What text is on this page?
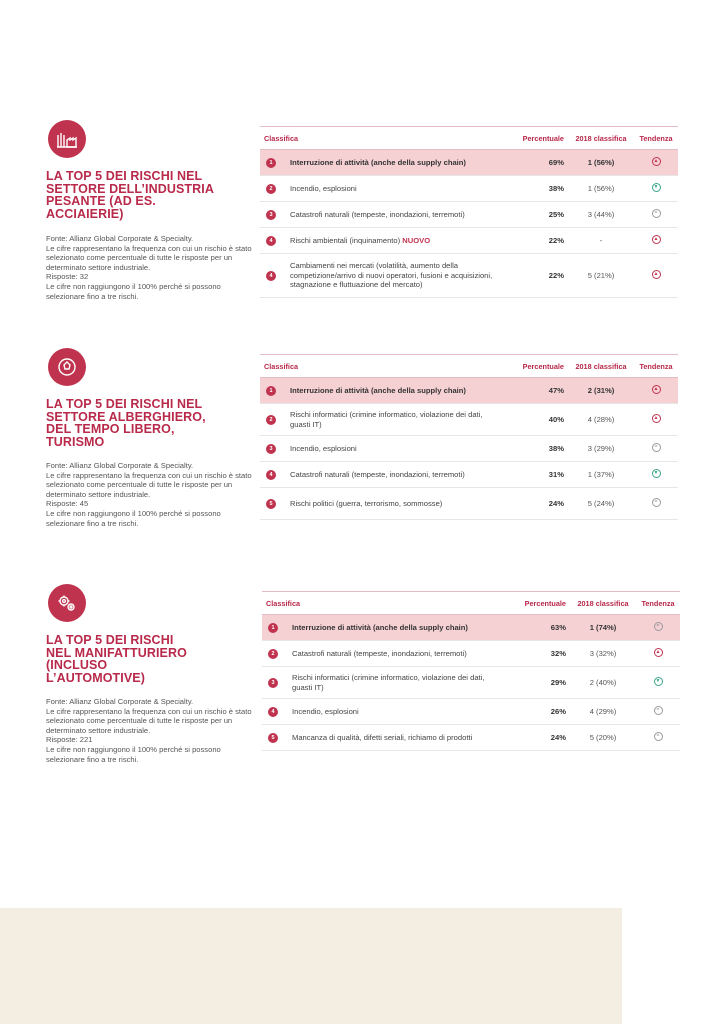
LA TOP 5 DEI RISCHI NEL
SETTORE DELL’INDUSTRIA
PESANTE (AD ES.
ACCIAIERIE)
Fonte: Allianz Global Corporate & Specialty.
Le cifre rappresentano la frequenza con cui un rischio è stato selezionato come percentuale di tutte le risposte per un determinato settore industriale.
Risposte: 32
Le cifre non raggiungono il 100% perché si possono selezionare fino a tre rischi.
Classifica		Percentuale	2018 classifica	Tendenza

1	Interruzione di attività (anche della supply chain)	69%	1 (56%)	▲

2	Incendio, esplosioni	38%	1 (56%)	▼

3	Catastrofi naturali (tempeste, inondazioni, terremoti)	25%	3 (44%)	=

4	Rischi ambientali (inquinamento) NUOVO	22%	-	▲

4	Cambiamenti nei mercati (volatilità, aumento della competizione/arrivo di nuovi operatori, fusioni e acquisizioni, stagnazione e fluttuazione del mercato)	22%	5 (21%)	▲
LA TOP 5 DEI RISCHI NEL
SETTORE ALBERGHIERO,
DEL TEMPO LIBERO,
TURISMO
Fonte: Allianz Global Corporate & Specialty.
Le cifre rappresentano la frequenza con cui un rischio è stato selezionato come percentuale di tutte le risposte per un determinato settore industriale.
Risposte: 45
Le cifre non raggiungono il 100% perché si possono selezionare fino a tre rischi.
Classifica		Percentuale	2018 classifica	Tendenza

1	Interruzione di attività (anche della supply chain)	47%	2 (31%)	▲

2	Rischi informatici (crimine informatico, violazione dei dati, guasti IT)	40%	4 (28%)	▲

3	Incendio, esplosioni	38%	3 (29%)	=

4	Catastrofi naturali (tempeste, inondazioni, terremoti)	31%	1 (37%)	▼

5	Rischi politici (guerra, terrorismo, sommosse)	24%	5 (24%)	=
LA TOP 5 DEI RISCHI
NEL MANIFATTURIERO
(INCLUSO
L’AUTOMOTIVE)
Fonte: Allianz Global Corporate & Specialty.
Le cifre rappresentano la frequenza con cui un rischio è stato selezionato come percentuale di tutte le risposte per un determinato settore industriale.
Risposte: 221
Le cifre non raggiungono il 100% perché si possono selezionare fino a tre rischi.
Classifica		Percentuale	2018 classifica	Tendenza

1	Interruzione di attività (anche della supply chain)	63%	1 (74%)	=

2	Catastrofi naturali (tempeste, inondazioni, terremoti)	32%	3 (32%)	▲

3	Rischi informatici (crimine informatico, violazione dei dati, guasti IT)	29%	2 (40%)	▼

4	Incendio, esplosioni	26%	4 (29%)	=

5	Mancanza di qualità, difetti seriali, richiamo di prodotti	24%	5 (20%)	=
